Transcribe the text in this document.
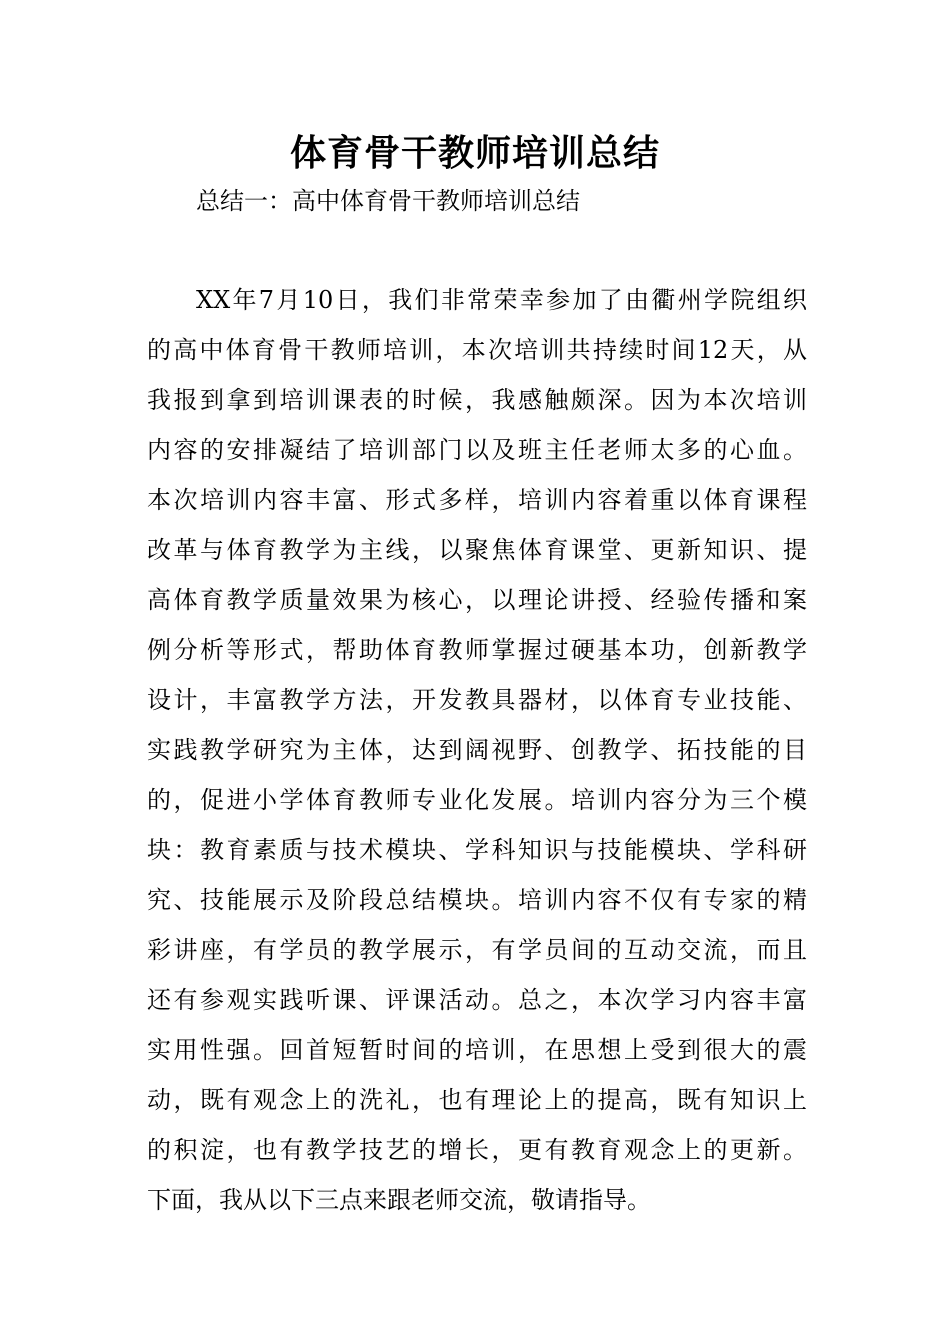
体育骨干教师培训总结
总结一：高中体育骨干教师培训总结
XX年7月10日，我们非常荣幸参加了由衢州学院组织
的高中体育骨干教师培训，本次培训共持续时间12天，从
我报到拿到培训课表的时候，我感触颇深。因为本次培训
内容的安排凝结了培训部门以及班主任老师太多的心血。
本次培训内容丰富、形式多样，培训内容着重以体育课程
改革与体育教学为主线，以聚焦体育课堂、更新知识、提
高体育教学质量效果为核心，以理论讲授、经验传播和案
例分析等形式，帮助体育教师掌握过硬基本功，创新教学
设计，丰富教学方法，开发教具器材，以体育专业技能、
实践教学研究为主体，达到阔视野、创教学、拓技能的目
的，促进小学体育教师专业化发展。培训内容分为三个模
块：教育素质与技术模块、学科知识与技能模块、学科研
究、技能展示及阶段总结模块。培训内容不仅有专家的精
彩讲座，有学员的教学展示，有学员间的互动交流，而且
还有参观实践听课、评课活动。总之，本次学习内容丰富
实用性强。回首短暂时间的培训，在思想上受到很大的震
动，既有观念上的洗礼，也有理论上的提高，既有知识上
的积淀，也有教学技艺的增长，更有教育观念上的更新。
下面，我从以下三点来跟老师交流，敬请指导。
